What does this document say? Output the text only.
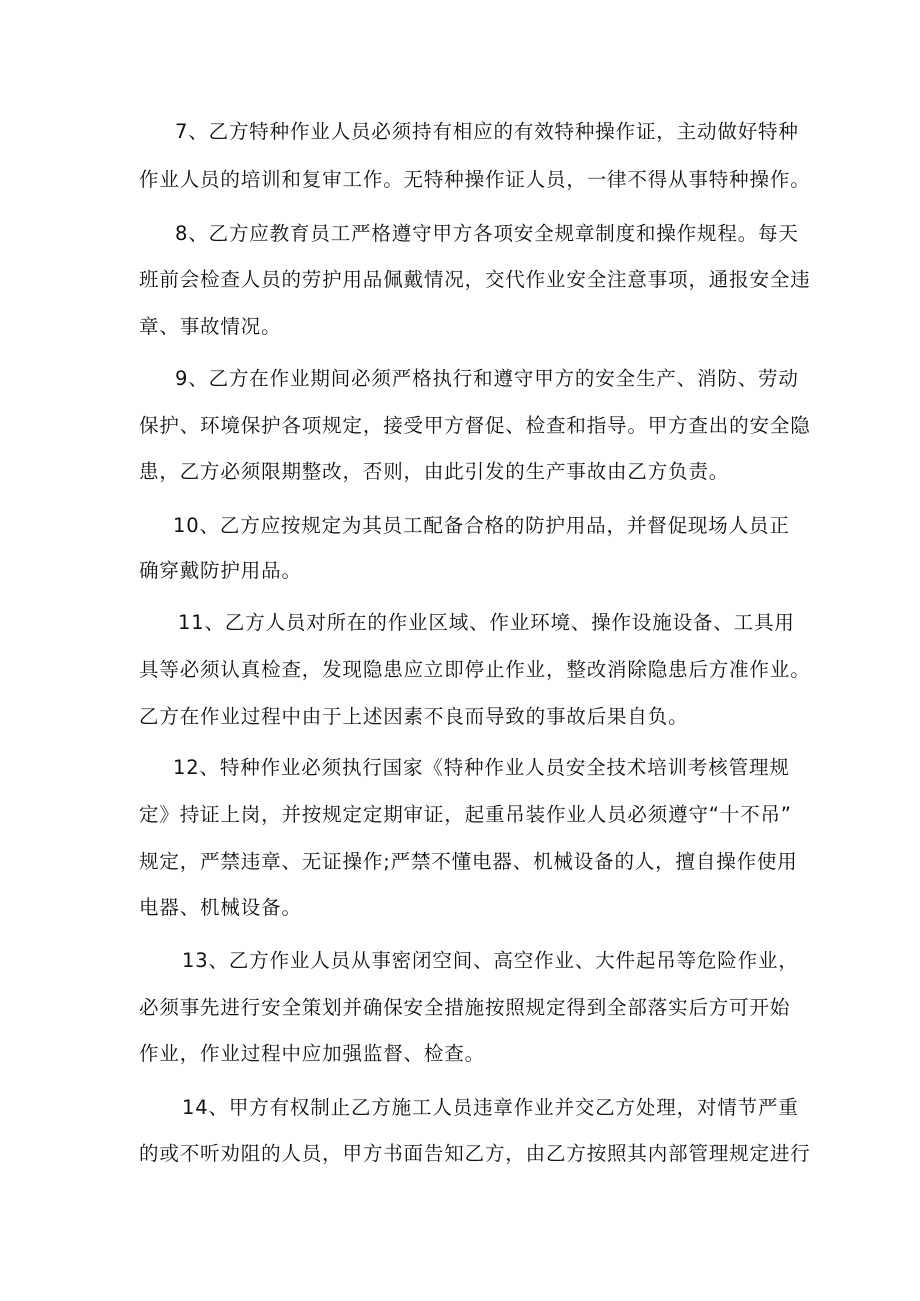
7、乙方特种作业人员必须持有相应的有效特种操作证，主动做好特种
作业人员的培训和复审工作。无特种操作证人员，一律不得从事特种操作。
8、乙方应教育员工严格遵守甲方各项安全规章制度和操作规程。每天
班前会检查人员的劳护用品佩戴情况，交代作业安全注意事项，通报安全违
章、事故情况。
9、乙方在作业期间必须严格执行和遵守甲方的安全生产、消防、劳动
保护、环境保护各项规定，接受甲方督促、检查和指导。甲方查出的安全隐
患，乙方必须限期整改，否则，由此引发的生产事故由乙方负责。
10、乙方应按规定为其员工配备合格的防护用品，并督促现场人员正
确穿戴防护用品。
11、乙方人员对所在的作业区域、作业环境、操作设施设备、工具用
具等必须认真检查，发现隐患应立即停止作业，整改消除隐患后方准作业。
乙方在作业过程中由于上述因素不良而导致的事故后果自负。
12、特种作业必须执行国家《特种作业人员安全技术培训考核管理规
定》持证上岗，并按规定定期审证，起重吊装作业人员必须遵守“十不吊”
规定，严禁违章、无证操作;严禁不懂电器、机械设备的人，擅自操作使用
电器、机械设备。
13、乙方作业人员从事密闭空间、高空作业、大件起吊等危险作业，
必须事先进行安全策划并确保安全措施按照规定得到全部落实后方可开始
作业，作业过程中应加强监督、检查。
14、甲方有权制止乙方施工人员违章作业并交乙方处理，对情节严重
的或不听劝阻的人员，甲方书面告知乙方，由乙方按照其内部管理规定进行
